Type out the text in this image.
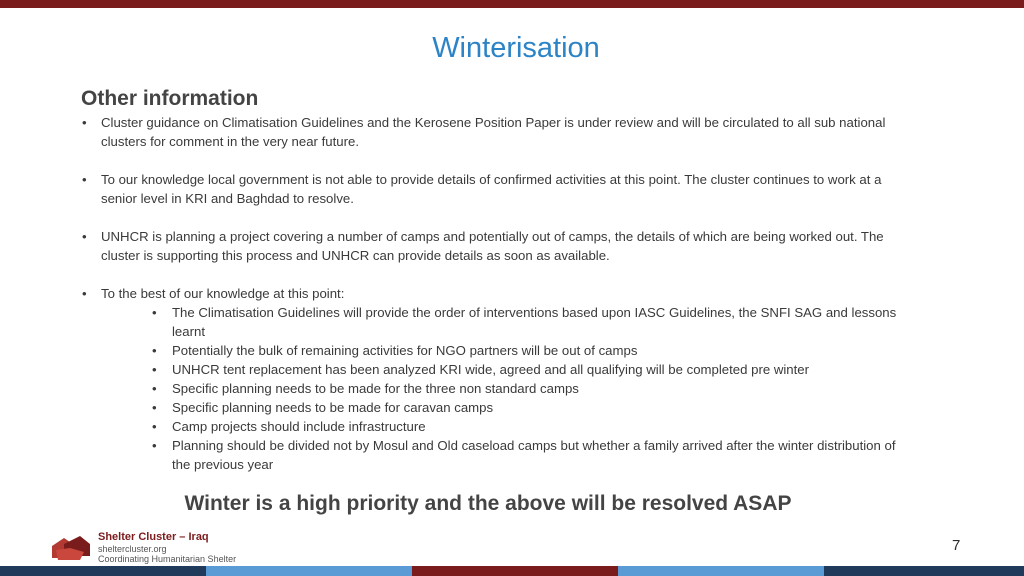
Winterisation
Other information
• Cluster guidance on Climatisation Guidelines and the Kerosene Position Paper is under review and will be circulated to all sub national clusters for comment in the very near future.
• To our knowledge local government is not able to provide details of confirmed activities at this point. The cluster continues to work at a senior level in KRI and Baghdad to resolve.
• UNHCR is planning a project covering a number of camps and potentially out of camps, the details of which are being worked out. The cluster is supporting this process and UNHCR can provide details as soon as available.
• To the best of our knowledge at this point:
• The Climatisation Guidelines will provide the order of interventions based upon IASC Guidelines, the SNFI SAG and lessons learnt
• Potentially the bulk of remaining activities for NGO partners will be out of camps
• UNHCR tent replacement has been analyzed KRI wide, agreed and all qualifying will be completed pre winter
• Specific planning needs to be made for the three non standard camps
• Specific planning needs to be made for caravan camps
• Camp projects should include infrastructure
• Planning should be divided not by Mosul and Old caseload camps but whether a family arrived after the winter distribution of the previous year
Winter is a high priority and the above will be resolved ASAP
Shelter Cluster – Iraq
sheltercluster.org
Coordinating Humanitarian Shelter
7
